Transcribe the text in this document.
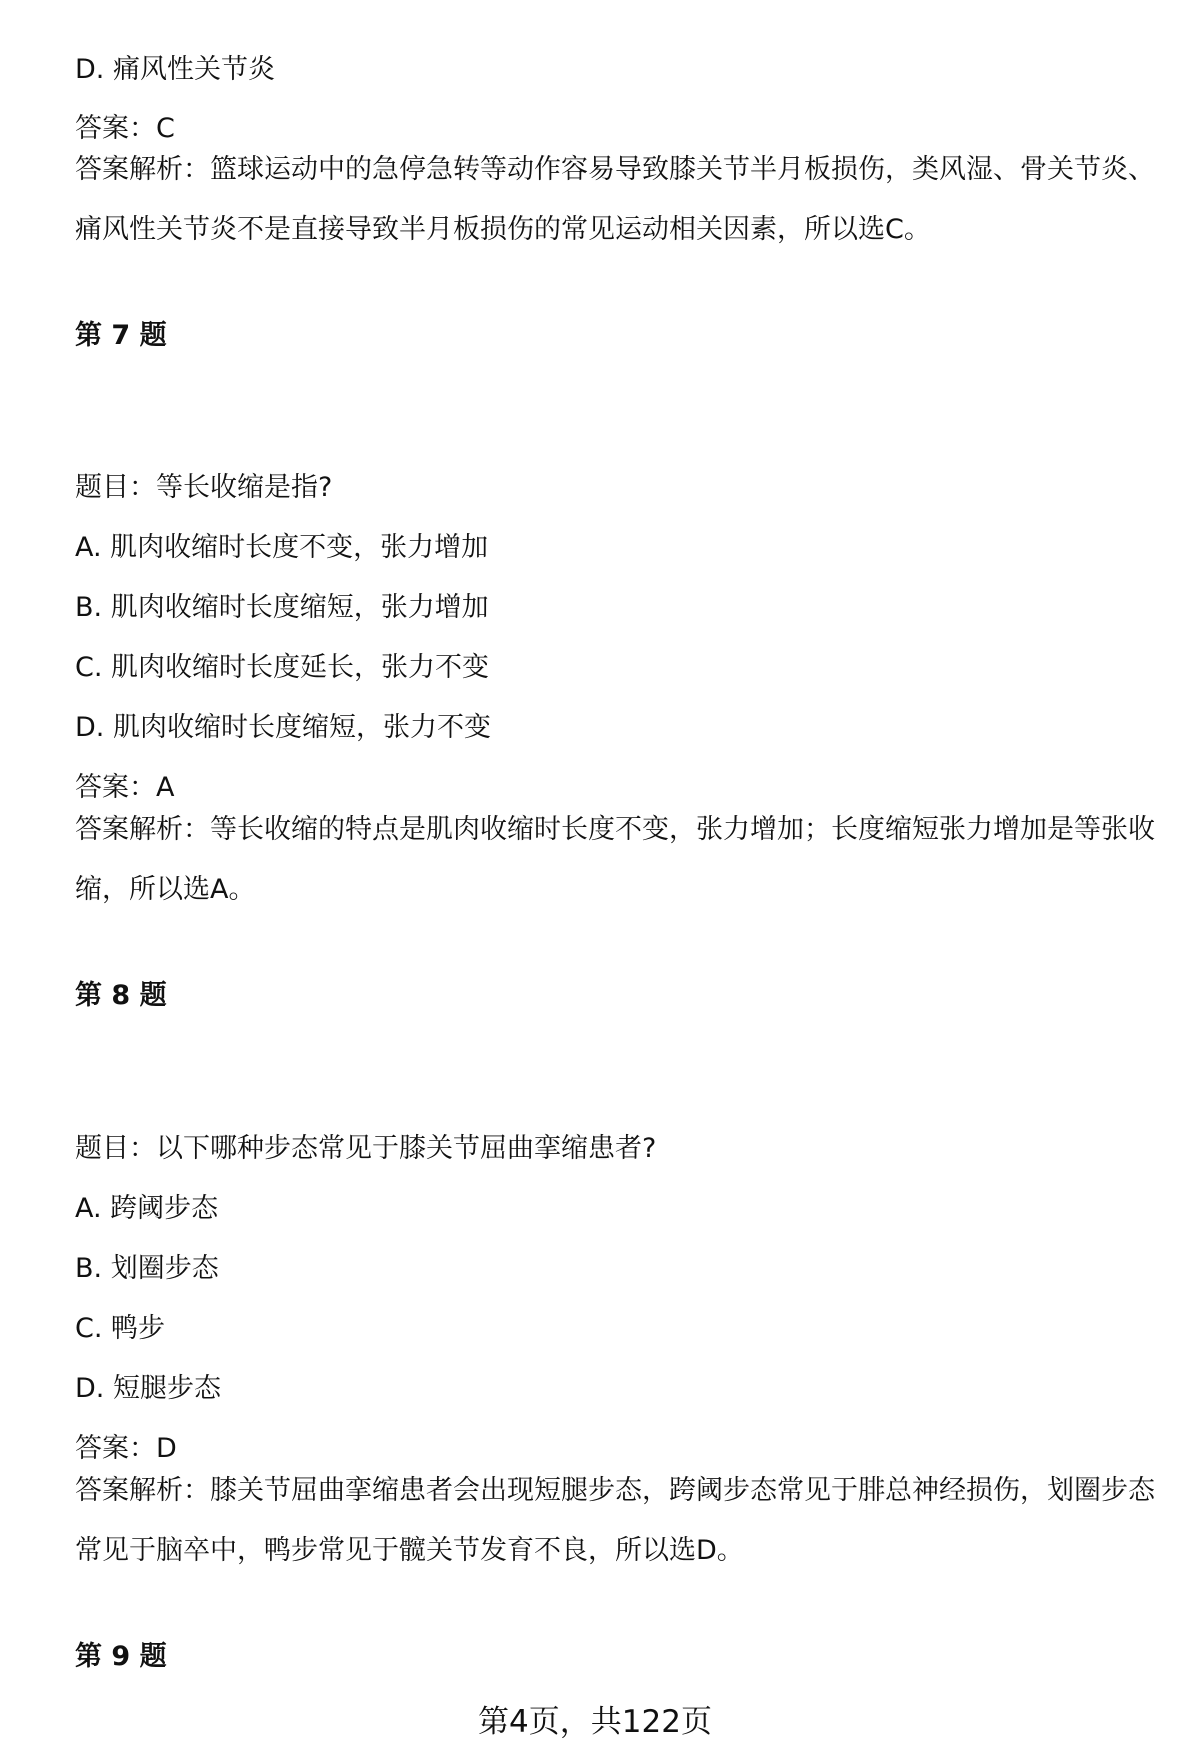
D. 痛风性关节炎
答案：C
答案解析：篮球运动中的急停急转等动作容易导致膝关节半月板损伤，类风湿、骨关节炎、痛风性关节炎不是直接导致半月板损伤的常见运动相关因素，所以选C。
第 7 题
题目：等长收缩是指?
A. 肌肉收缩时长度不变，张力增加
B. 肌肉收缩时长度缩短，张力增加
C. 肌肉收缩时长度延长，张力不变
D. 肌肉收缩时长度缩短，张力不变
答案：A
答案解析：等长收缩的特点是肌肉收缩时长度不变，张力增加；长度缩短张力增加是等张收缩，所以选A。
第 8 题
题目：以下哪种步态常见于膝关节屈曲挛缩患者?
A. 跨阈步态
B. 划圈步态
C. 鸭步
D. 短腿步态
答案：D
答案解析：膝关节屈曲挛缩患者会出现短腿步态，跨阈步态常见于腓总神经损伤，划圈步态常见于脑卒中，鸭步常见于髋关节发育不良，所以选D。
第 9 题
第4页，共122页
